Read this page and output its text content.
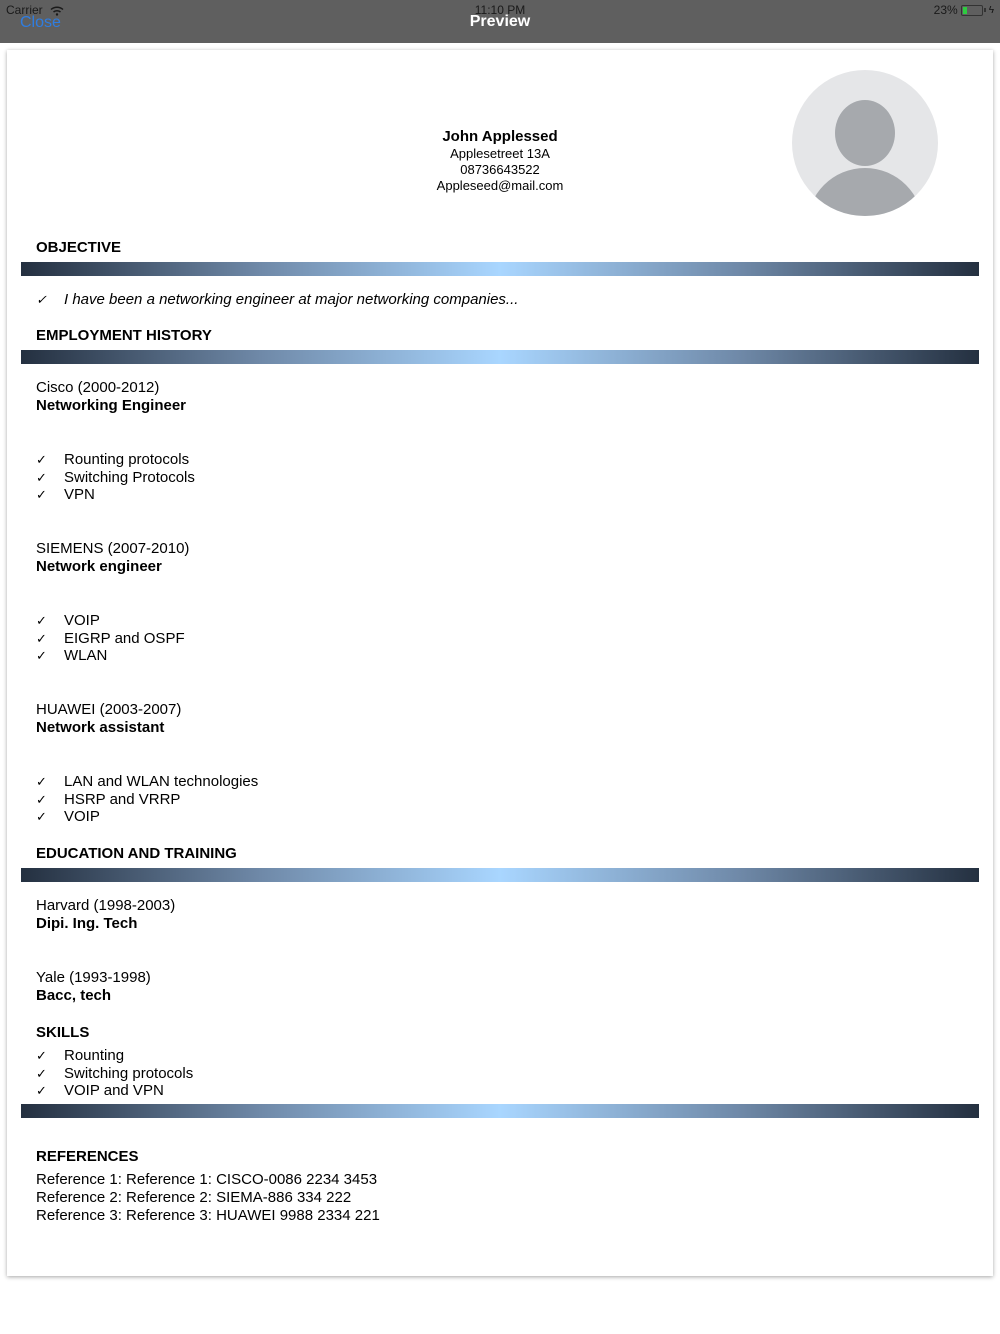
Carrier	11:10 PM	23%	ϟ
Close	Preview
John Applessed
Applesetreet 13A
08736643522
Appleseed@mail.com
OBJECTIVE
✓ I have been a networking engineer at major networking companies...
EMPLOYMENT HISTORY
Cisco (2000-2012)
Networking Engineer
✓ Rounting protocols
✓ Switching Protocols
✓ VPN
SIEMENS (2007-2010)
Network engineer
✓ VOIP
✓ EIGRP and OSPF
✓ WLAN
HUAWEI (2003-2007)
Network assistant
✓ LAN and WLAN technologies
✓ HSRP and VRRP
✓ VOIP
EDUCATION AND TRAINING
Harvard (1998-2003)
Dipi. Ing. Tech
Yale (1993-1998)
Bacc, tech
SKILLS
✓ Rounting
✓ Switching protocols
✓ VOIP and VPN
REFERENCES
Reference 1: Reference 1: CISCO-0086 2234 3453
Reference 2: Reference 2: SIEMA-886 334 222
Reference 3: Reference 3: HUAWEI 9988 2334 221
